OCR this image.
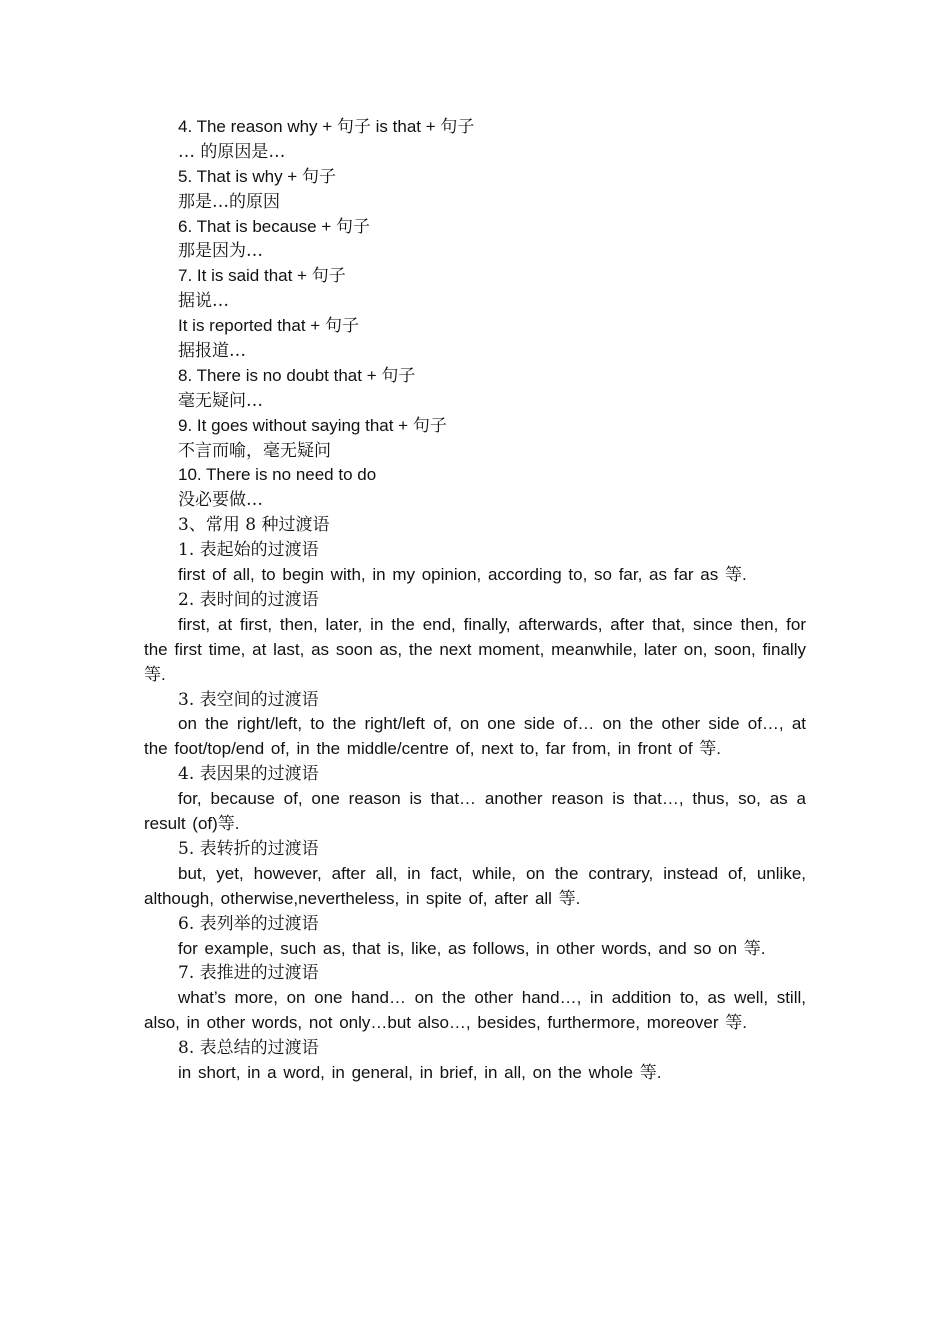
4. The reason why + 句子 is that + 句子
… 的原因是…
5. That is why + 句子
那是…的原因
6. That is because + 句子
那是因为…
7. It is said that + 句子
据说…
It is reported that + 句子
据报道…
8. There is no doubt that + 句子
毫无疑问…
9. It goes without saying that + 句子
不言而喻，毫无疑问
10. There is no need to do
没必要做…
3、常用 8 种过渡语
1. 表起始的过渡语
first of all, to begin with, in my opinion, according to, so far, as far as 等.
2. 表时间的过渡语
first, at first, then, later, in the end, finally, afterwards, after that, since then, for the first time, at last, as soon as, the next moment, meanwhile, later on, soon, finally 等.
3. 表空间的过渡语
on the right/left, to the right/left of, on one side of… on the other side of…, at the foot/top/end of, in the middle/centre of, next to, far from, in front of 等.
4. 表因果的过渡语
for, because of, one reason is that… another reason is that…, thus, so, as a result (of)等.
5. 表转折的过渡语
but, yet, however, after all, in fact, while, on the contrary, instead of, unlike, although, otherwise,nevertheless, in spite of, after all 等.
6. 表列举的过渡语
for example, such as, that is, like, as follows, in other words, and so on 等.
7. 表推进的过渡语
what’s more, on one hand… on the other hand…, in addition to, as well, still, also, in other words, not only…but also…, besides, furthermore, moreover 等.
8. 表总结的过渡语
in short, in a word, in general, in brief, in all, on the whole 等.
